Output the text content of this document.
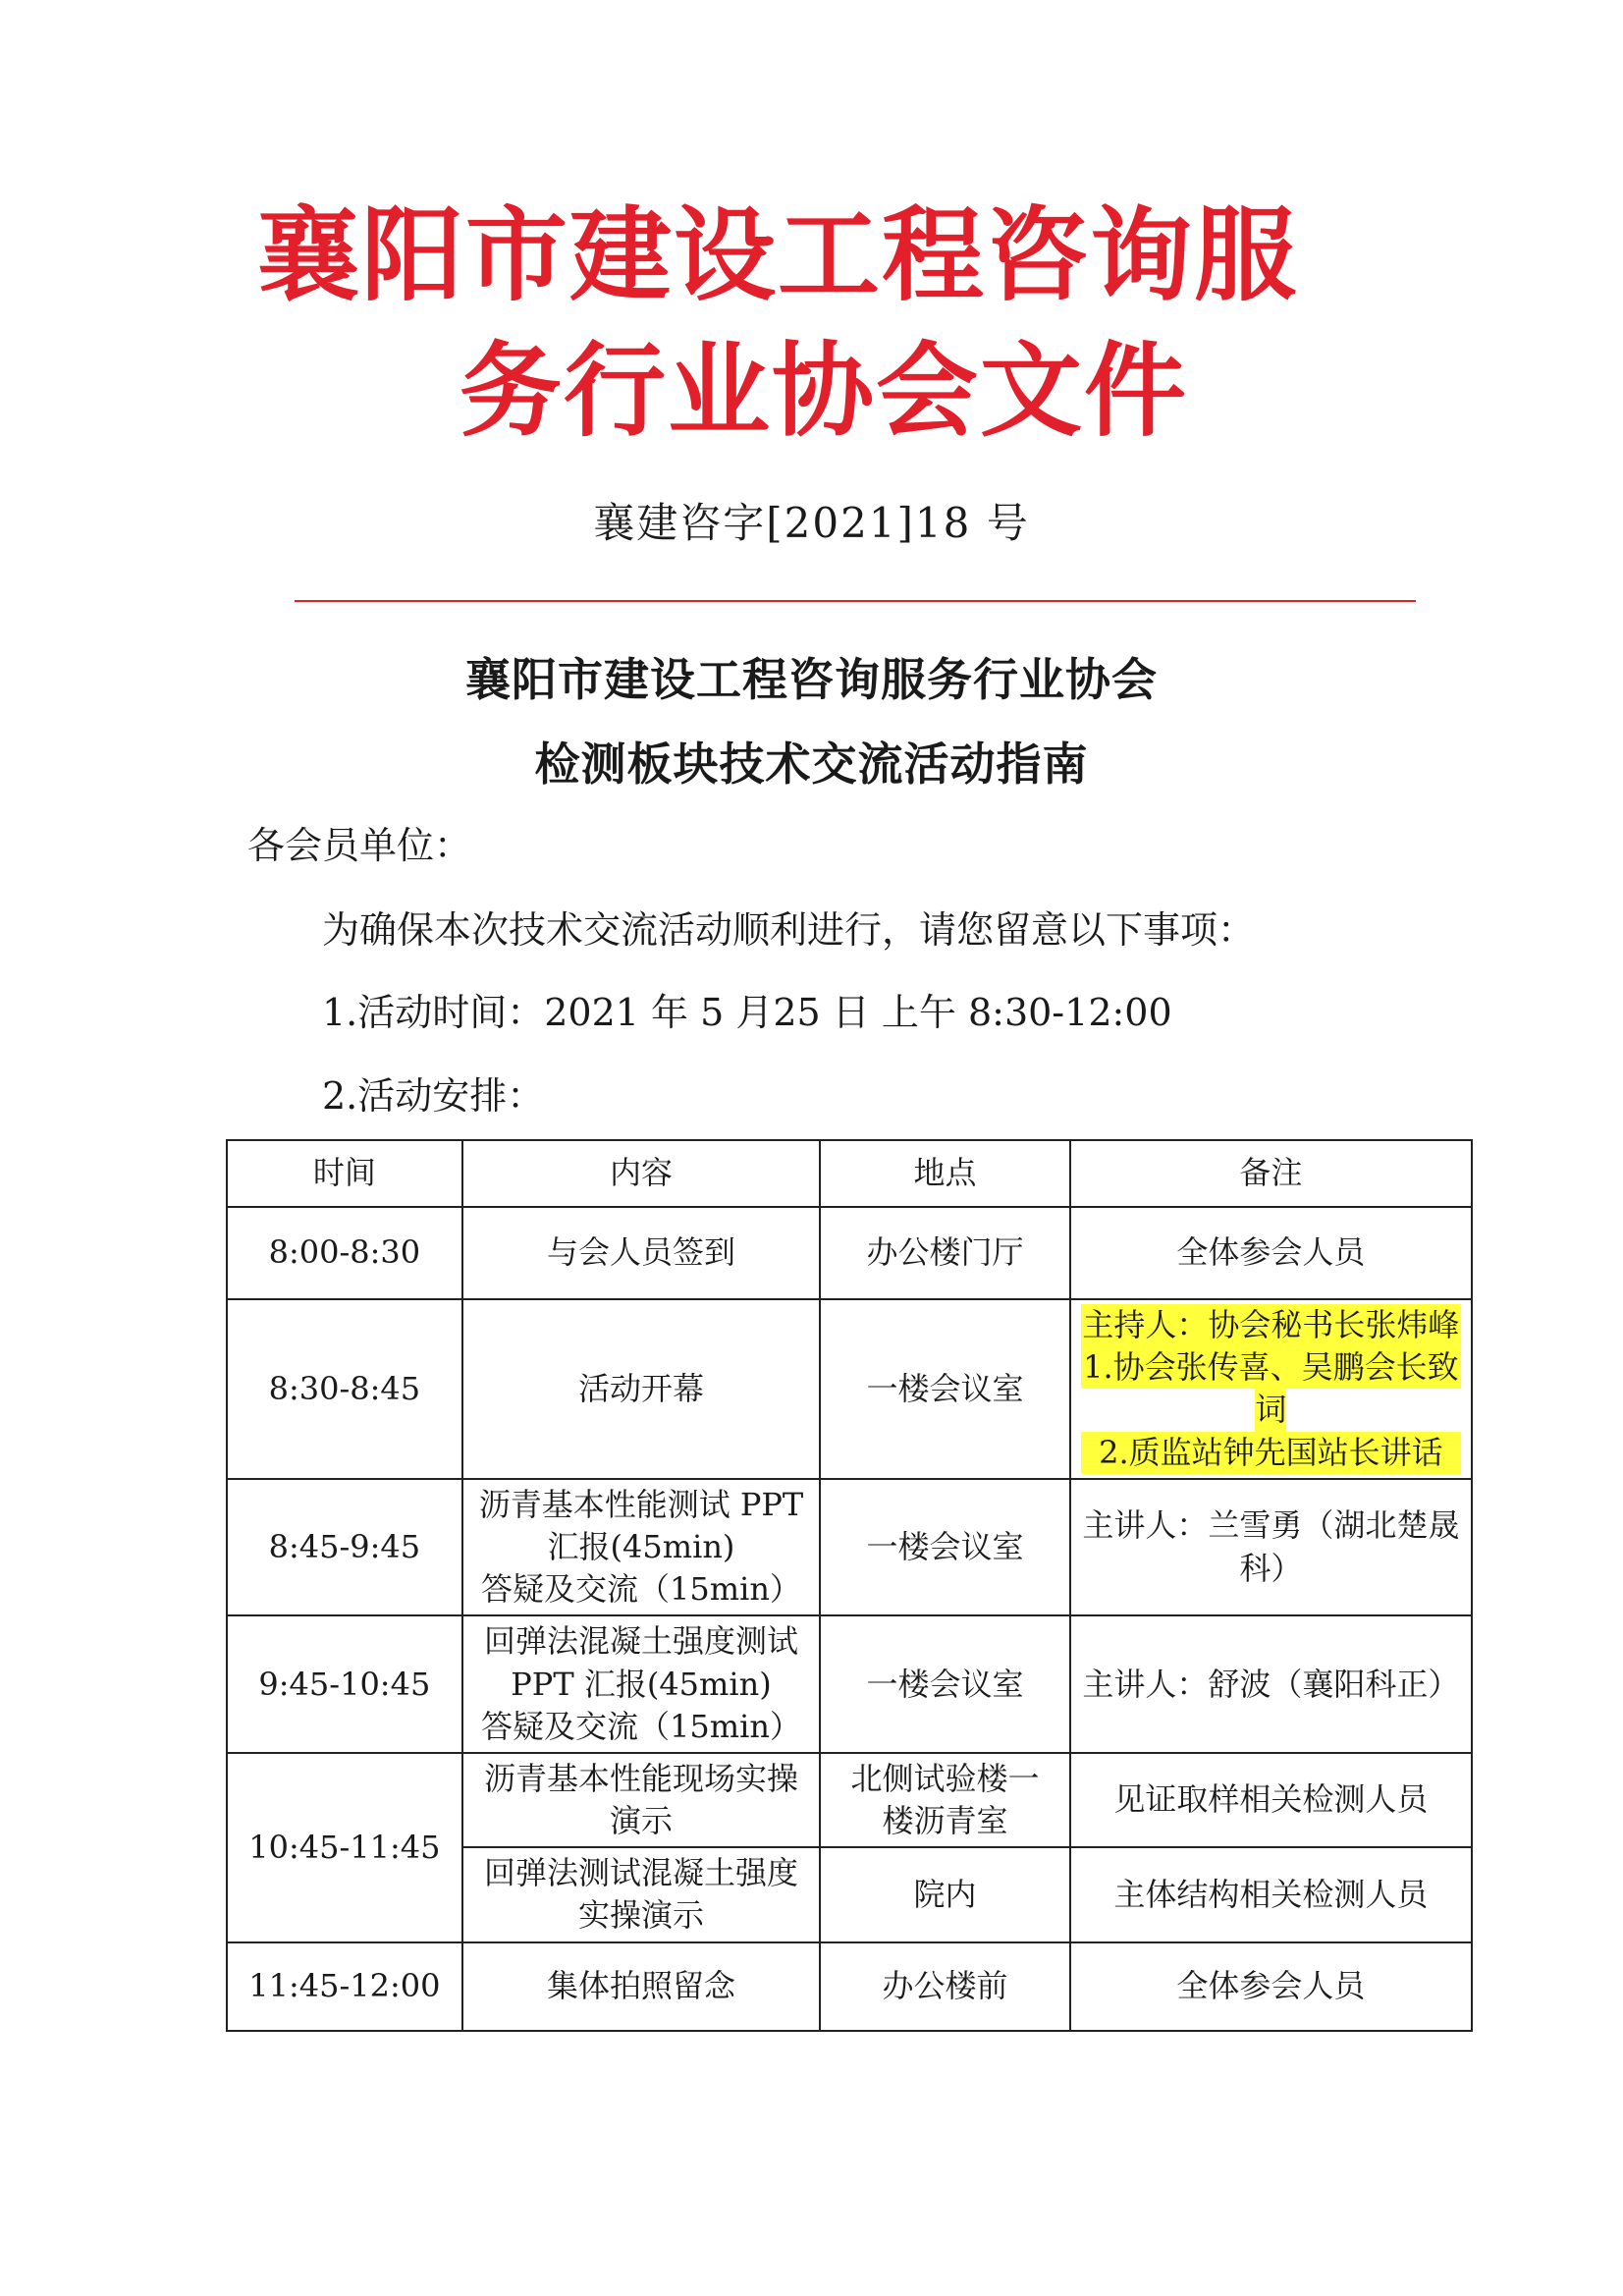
襄阳市建设工程咨询服
务行业协会文件
襄建咨字[2021]18 号
襄阳市建设工程咨询服务行业协会
检测板块技术交流活动指南
各会员单位：
为确保本次技术交流活动顺利进行，请您留意以下事项：
1.活动时间：2021 年 5 月25 日 上午 8:30-12:00
2.活动安排：
时间	内容	地点	备注
8:00-8:30	与会人员签到	办公楼门厅	全体参会人员

8:30-8:45	活动开幕	一楼会议室	主持人：协会秘书长张炜峰
1.协会张传喜、吴鹏会长致
词
2.质监站钟先国站长讲话

8:45-9:45	沥青基本性能测试 PPT
汇报(45min)
答疑及交流（15min）	一楼会议室	主讲人：兰雪勇（湖北楚晟
科）

9:45-10:45	回弹法混凝土强度测试
PPT 汇报(45min)
答疑及交流（15min）	一楼会议室	主讲人：舒波（襄阳科正）

10:45-11:45	沥青基本性能现场实操
演示	北侧试验楼一
楼沥青室	见证取样相关检测人员

	回弹法测试混凝土强度
实操演示	院内	主体结构相关检测人员

11:45-12:00	集体拍照留念	办公楼前	全体参会人员
